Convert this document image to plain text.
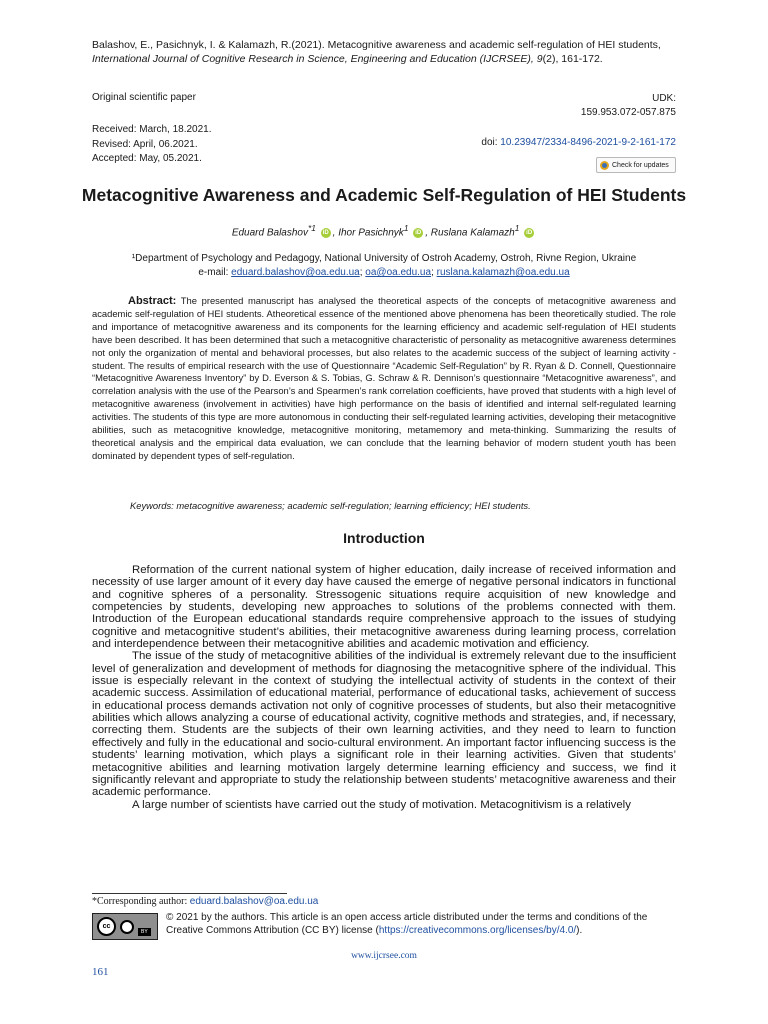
Balashov, E., Pasichnyk, I. & Kalamazh, R.(2021). Metacognitive awareness and academic self-regulation of HEI students,
International Journal of Cognitive Research in Science, Engineering and Education (IJCRSEE), 9(2), 161-172.
Original scientific paper	UDK:
159.953.072-057.875
Received: March, 18.2021.
Revised: April, 06.2021.
Accepted: May, 05.2021.
doi: 10.23947/2334-8496-2021-9-2-161-172
Check for updates
Metacognitive Awareness and Academic Self-Regulation of HEI Students
Eduard Balashov$^{*1}$ iD , Ihor Pasichnyk$^1$ iD , Ruslana Kalamazh$^1$ iD
¹Department of Psychology and Pedagogy, National University of Ostroh Academy, Ostroh, Rivne Region, Ukraine
e-mail: eduard.balashov@oa.edu.ua; oa@oa.edu.ua; ruslana.kalamazh@oa.edu.ua
Abstract: The presented manuscript has analysed the theoretical aspects of the concepts of metacognitive awareness and academic self-regulation of HEI students. Atheoretical essence of the mentioned above phenomena has been theoretically studied. The role and importance of metacognitive awareness and its components for the learning efficiency and academic self-regulation of HEI students have been described. It has been determined that such a metacognitive characteristic of personality as metacognitive awareness determines not only the organization of mental and behavioral processes, but also relates to the academic success of the subject of learning activity - student. The results of empirical research with the use of Questionnaire “Academic Self-Regulation” by R. Ryan & D. Connell, Questionnaire “Metacognitive Awareness Inventory” by D. Everson & S. Tobias, G. Schraw & R. Dennison’s questionnaire “Metacognitive awareness”, and correlation analysis with the use of the Pearson’s and Spearmen’s rank correlation coefficients, have proved that students with a high level of metacognitive awareness (involvement in activities) have high performance on the basis of identified and internal self-regulated learning activities. The students of this type are more autonomous in conducting their self-regulated learning activities, developing their metacognitive abilities, such as metacognitive knowledge, metacognitive monitoring, metamemory and meta-thinking. Summarizing the results of theoretical analysis and the empirical data evaluation, we can conclude that the learning behavior of modern student youth has been dominated by dependent types of self-regulation.
Keywords: metacognitive awareness; academic self-regulation; learning efficiency; HEI students.
Introduction

Reformation of the current national system of higher education, daily increase of received information and necessity of use larger amount of it every day have caused the emerge of negative personal indicators in functional and cognitive spheres of a personality. Stressogenic situations require acquisition of new knowledge and competencies by students, developing new approaches to solutions of the problems connected with them. Introduction of the European educational standards require comprehensive approach to the issues of studying cognitive and metacognitive student’s abilities, their metacognitive awareness during learning process, correlation and interdependence between their metacognitive abilities and academic motivation and efficiency.

The issue of the study of metacognitive abilities of the individual is extremely relevant due to the insufficient level of generalization and development of methods for diagnosing the metacognitive sphere of the individual. This issue is especially relevant in the context of studying the intellectual activity of students in the context of their academic success. Assimilation of educational material, performance of educational tasks, achievement of success in educational process demands activation not only of cognitive processes of students, but also their metacognitive abilities which allows analyzing a course of educational activity, cognitive methods and strategies, and, if necessary, correcting them. Students are the subjects of their own learning activities, and they need to learn to function effectively and fully in the educational and socio-cultural environment. An important factor influencing success is the students’ learning motivation, which plays a significant role in their learning activities. Given that students’ metacognitive abilities and learning motivation largely determine learning efficiency and success, we find it significantly relevant and appropriate to study the relationship between students’ metacognitive awareness and their academic performance.

A large number of scientists have carried out the study of motivation. Metacognitivism is a relatively

*Corresponding author: eduard.balashov@oa.edu.ua
cc
BY
© 2021 by the authors. This article is an open access article distributed under the terms and conditions of the Creative Commons Attribution (CC BY) license (https://creativecommons.org/licenses/by/4.0/).
www.ijcrsee.com
161
